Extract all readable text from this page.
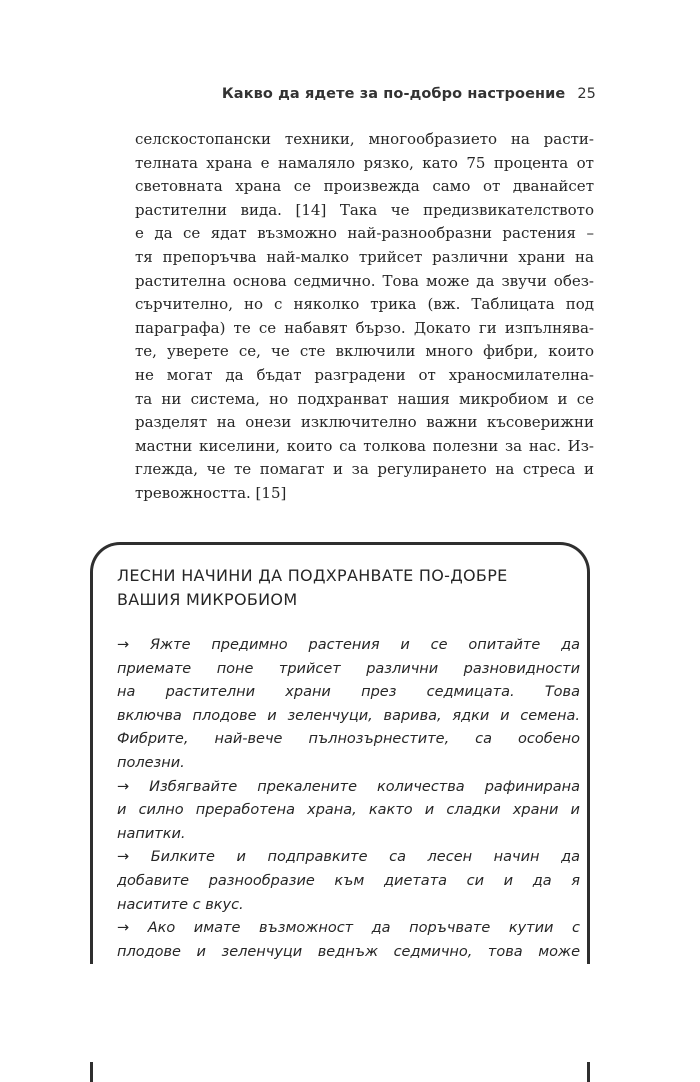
Какво да ядете за по-добро настроение 25
селскостопански техники, многообразието на расти-
телната храна е намаляло рязко, като 75 процента от
световната храна се произвежда само от дванайсет
растителни вида. [14] Така че предизвикателството
е да се ядат възможно най-разнообразни растения –
тя препоръчва най-малко трийсет различни храни на
растителна основа седмично. Това може да звучи обез-
сърчително, но с няколко трика (вж. Таблицата под
параграфа) те се набавят бързо. Докато ги изпълнява-
те, уверете се, че сте включили много фибри, които
не могат да бъдат разградени от храносмилателна-
та ни система, но подхранват нашия микробиом и се
разделят на онези изключително важни късоверижни
мастни киселини, които са толкова полезни за нас. Из-
глежда, че те помагат и за регулирането на стреса и
тревожността. [15]
ЛЕСНИ НАЧИНИ ДА ПОДХРАНВАТЕ ПО-ДОБРЕ
ВАШИЯ МИКРОБИОМ
→ Яжте предимно растения и се опитайте да
приемате поне трийсет различни разновидности
на растителни храни през седмицата. Това
включва плодове и зеленчуци, варива, ядки и семена.
Фибрите, най-вече пълнозърнестите, са особено
полезни.
→ Избягвайте прекалените количества рафинирана
и силно преработена храна, както и сладки храни и
напитки.
→ Билките и подправките са лесен начин да
добавите разнообразие към диетата си и да я
наситите с вкус.
→ Ако имате възможност да поръчвате кутии с
плодове и зеленчуци веднъж седмично, това може
